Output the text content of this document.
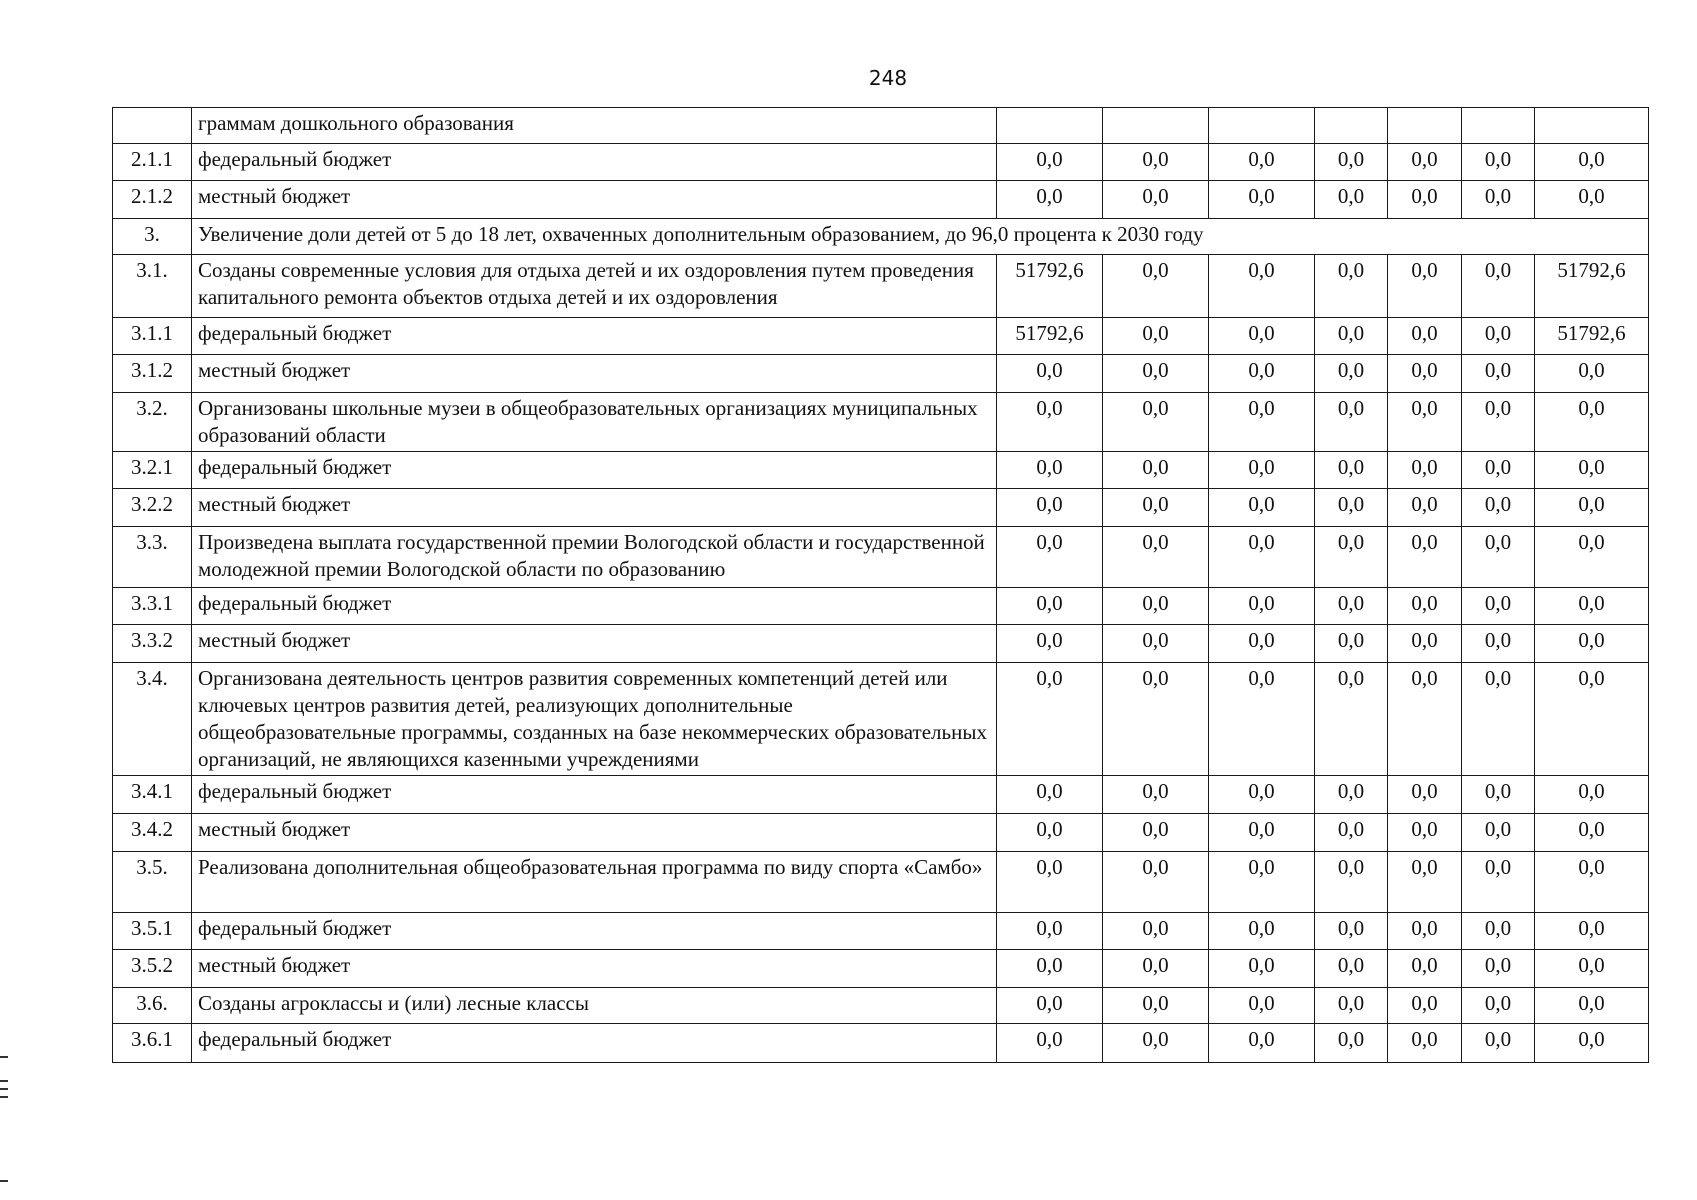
248
	граммам дошкольного образования							
2.1.1	федеральный бюджет	0,0	0,0	0,0	0,0	0,0	0,0	0,0
2.1.2	местный бюджет	0,0	0,0	0,0	0,0	0,0	0,0	0,0
3.	Увеличение доли детей от 5 до 18 лет, охваченных дополнительным образованием, до 96,0 процента к 2030 году							
3.1.	Созданы современные условия для отдыха детей и их оздоровления путем проведения капитального ремонта объектов отдыха детей и их оздоровления	51792,6	0,0	0,0	0,0	0,0	0,0	51792,6
3.1.1	федеральный бюджет	51792,6	0,0	0,0	0,0	0,0	0,0	51792,6
3.1.2	местный бюджет	0,0	0,0	0,0	0,0	0,0	0,0	0,0
3.2.	Организованы школьные музеи в общеобразовательных организациях муниципальных образований области	0,0	0,0	0,0	0,0	0,0	0,0	0,0
3.2.1	федеральный бюджет	0,0	0,0	0,0	0,0	0,0	0,0	0,0
3.2.2	местный бюджет	0,0	0,0	0,0	0,0	0,0	0,0	0,0
3.3.	Произведена выплата государственной премии Вологодской области и государственной молодежной премии Вологодской области по образованию	0,0	0,0	0,0	0,0	0,0	0,0	0,0
3.3.1	федеральный бюджет	0,0	0,0	0,0	0,0	0,0	0,0	0,0
3.3.2	местный бюджет	0,0	0,0	0,0	0,0	0,0	0,0	0,0
3.4.	Организована деятельность центров развития современных компетенций детей или ключевых центров развития детей, реализующих дополнительные общеобразовательные программы, созданных на базе некоммерческих образовательных организаций, не являющихся казенными учреждениями	0,0	0,0	0,0	0,0	0,0	0,0	0,0
3.4.1	федеральный бюджет	0,0	0,0	0,0	0,0	0,0	0,0	0,0
3.4.2	местный бюджет	0,0	0,0	0,0	0,0	0,0	0,0	0,0
3.5.	Реализована дополнительная общеобразовательная программа по виду спорта «Самбо»	0,0	0,0	0,0	0,0	0,0	0,0	0,0
3.5.1	федеральный бюджет	0,0	0,0	0,0	0,0	0,0	0,0	0,0
3.5.2	местный бюджет	0,0	0,0	0,0	0,0	0,0	0,0	0,0
3.6.	Созданы агроклассы и (или) лесные классы	0,0	0,0	0,0	0,0	0,0	0,0	0,0
3.6.1	федеральный бюджет	0,0	0,0	0,0	0,0	0,0	0,0	0,0
